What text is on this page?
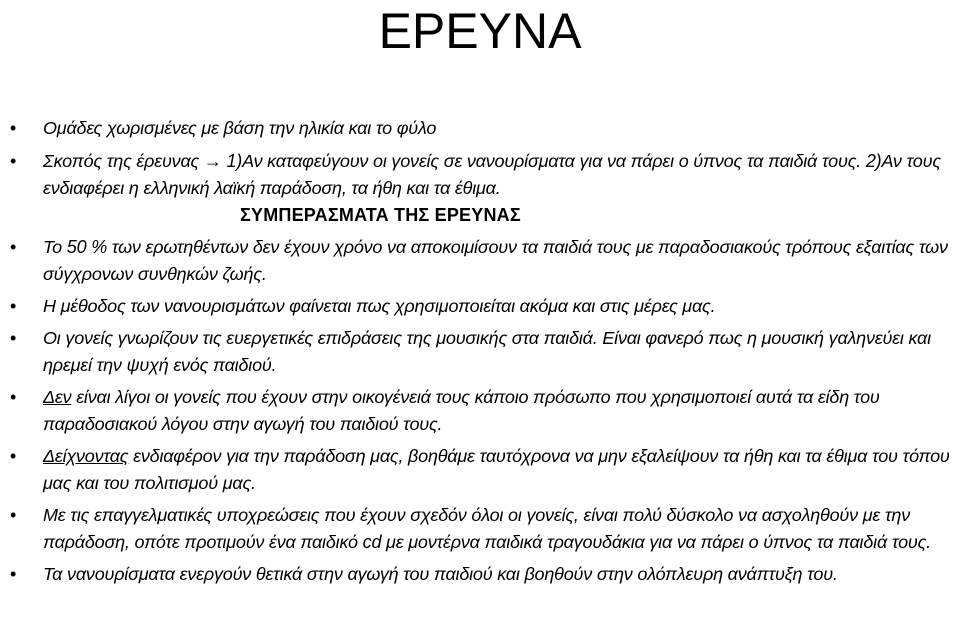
ΕΡΕΥΝΑ
• Ομάδες χωρισμένες με βάση την ηλικία και το φύλο
• Σκοπός της έρευνας → 1)Αν καταφεύγουν οι γονείς σε νανουρίσματα για να πάρει ο ύπνος τα παιδιά τους. 2)Αν τους ενδιαφέρει η ελληνική λαϊκή παράδοση, τα ήθη και τα έθιμα.
ΣΥΜΠΕΡΑΣΜΑΤΑ ΤΗΣ ΕΡΕΥΝΑΣ
• Το 50 % των ερωτηθέντων δεν έχουν χρόνο να αποκοιμίσουν τα παιδιά τους με παραδοσιακούς τρόπους εξαιτίας των σύγχρονων συνθηκών ζωής.
• Η μέθοδος των νανουρισμάτων φαίνεται πως χρησιμοποιείται ακόμα και στις μέρες μας.
• Οι γονείς γνωρίζουν τις ευεργετικές επιδράσεις της μουσικής στα παιδιά. Είναι φανερό πως η μουσική γαληνεύει και ηρεμεί την ψυχή ενός παιδιού.
• Δεν είναι λίγοι οι γονείς που έχουν στην οικογένειά τους κάποιο πρόσωπο που χρησιμοποιεί αυτά τα είδη του παραδοσιακού λόγου στην αγωγή του παιδιού τους.
• Δείχνοντας ενδιαφέρον για την παράδοση μας, βοηθάμε ταυτόχρονα να μην εξαλείψουν τα ήθη και τα έθιμα του τόπου μας και του πολιτισμού μας.
• Με τις επαγγελματικές υποχρεώσεις που έχουν σχεδόν όλοι οι γονείς, είναι πολύ δύσκολο να ασχοληθούν με την παράδοση, οπότε προτιμούν ένα παιδικό cd με μοντέρνα παιδικά τραγουδάκια για να πάρει ο ύπνος τα παιδιά τους.
• Τα νανουρίσματα ενεργούν θετικά στην αγωγή του παιδιού και βοηθούν στην ολόπλευρη ανάπτυξη του.
